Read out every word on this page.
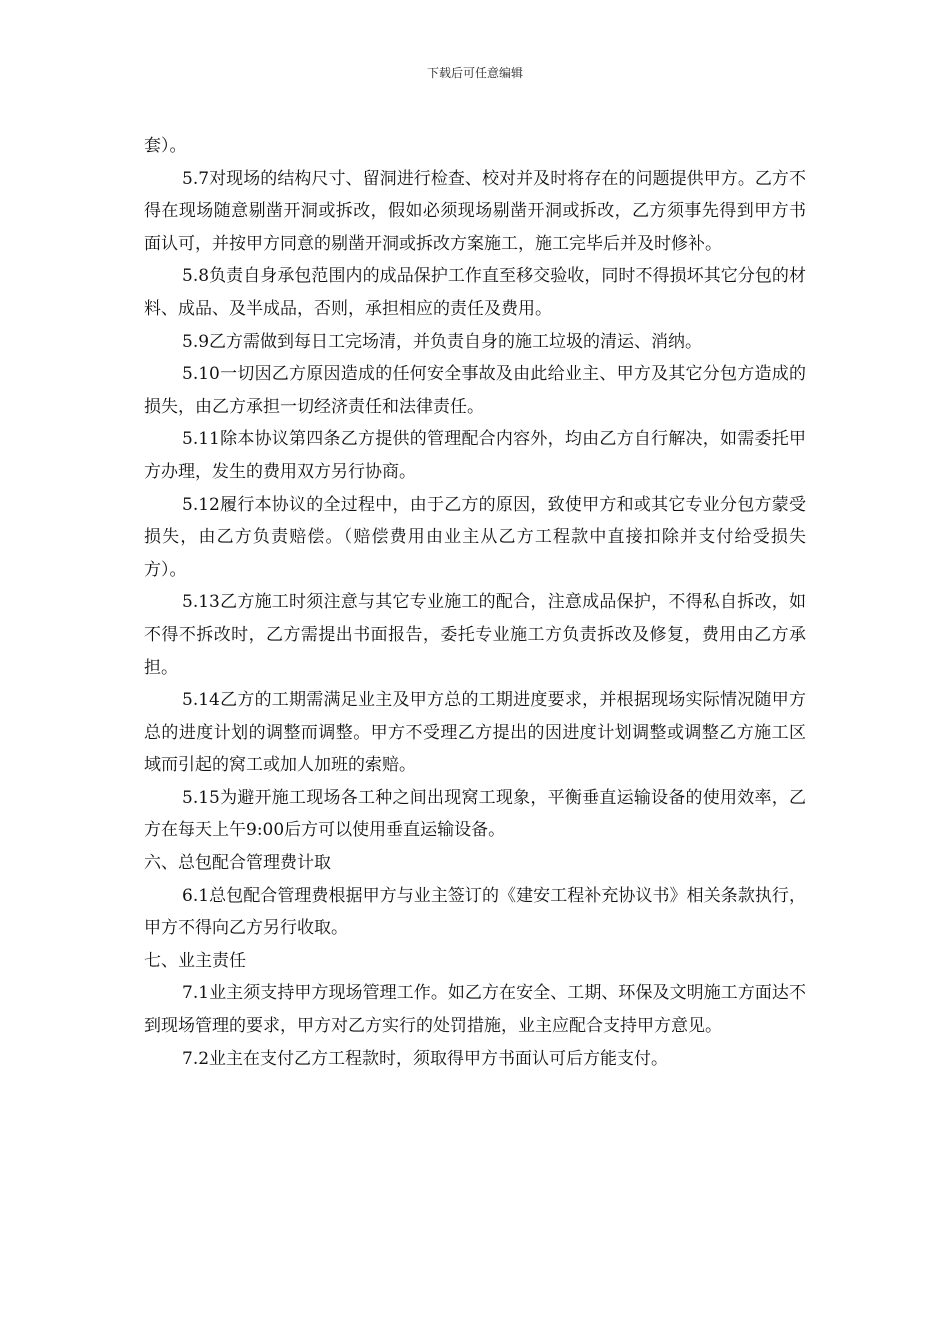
下载后可任意编辑

套）。

5.7对现场的结构尺寸、留洞进行检查、校对并及时将存在的问题提供甲方。乙方不得在现场随意剔凿开洞或拆改，假如必须现场剔凿开洞或拆改，乙方须事先得到甲方书面认可，并按甲方同意的剔凿开洞或拆改方案施工，施工完毕后并及时修补。

5.8负责自身承包范围内的成品保护工作直至移交验收，同时不得损坏其它分包的材料、成品、及半成品，否则，承担相应的责任及费用。

5.9乙方需做到每日工完场清，并负责自身的施工垃圾的清运、消纳。

5.10一切因乙方原因造成的任何安全事故及由此给业主、甲方及其它分包方造成的损失，由乙方承担一切经济责任和法律责任。

5.11除本协议第四条乙方提供的管理配合内容外，均由乙方自行解决，如需委托甲方办理，发生的费用双方另行协商。

5.12履行本协议的全过程中，由于乙方的原因，致使甲方和或其它专业分包方蒙受损失，由乙方负责赔偿。（赔偿费用由业主从乙方工程款中直接扣除并支付给受损失方）。

5.13乙方施工时须注意与其它专业施工的配合，注意成品保护，不得私自拆改，如不得不拆改时，乙方需提出书面报告，委托专业施工方负责拆改及修复，费用由乙方承担。

5.14乙方的工期需满足业主及甲方总的工期进度要求，并根据现场实际情况随甲方总的进度计划的调整而调整。甲方不受理乙方提出的因进度计划调整或调整乙方施工区域而引起的窝工或加人加班的索赔。

5.15为避开施工现场各工种之间出现窝工现象，平衡垂直运输设备的使用效率，乙方在每天上午9:00后方可以使用垂直运输设备。

六、总包配合管理费计取

6.1总包配合管理费根据甲方与业主签订的《建安工程补充协议书》相关条款执行，甲方不得向乙方另行收取。

七、业主责任

7.1业主须支持甲方现场管理工作。如乙方在安全、工期、环保及文明施工方面达不到现场管理的要求，甲方对乙方实行的处罚措施，业主应配合支持甲方意见。

7.2业主在支付乙方工程款时，须取得甲方书面认可后方能支付。
